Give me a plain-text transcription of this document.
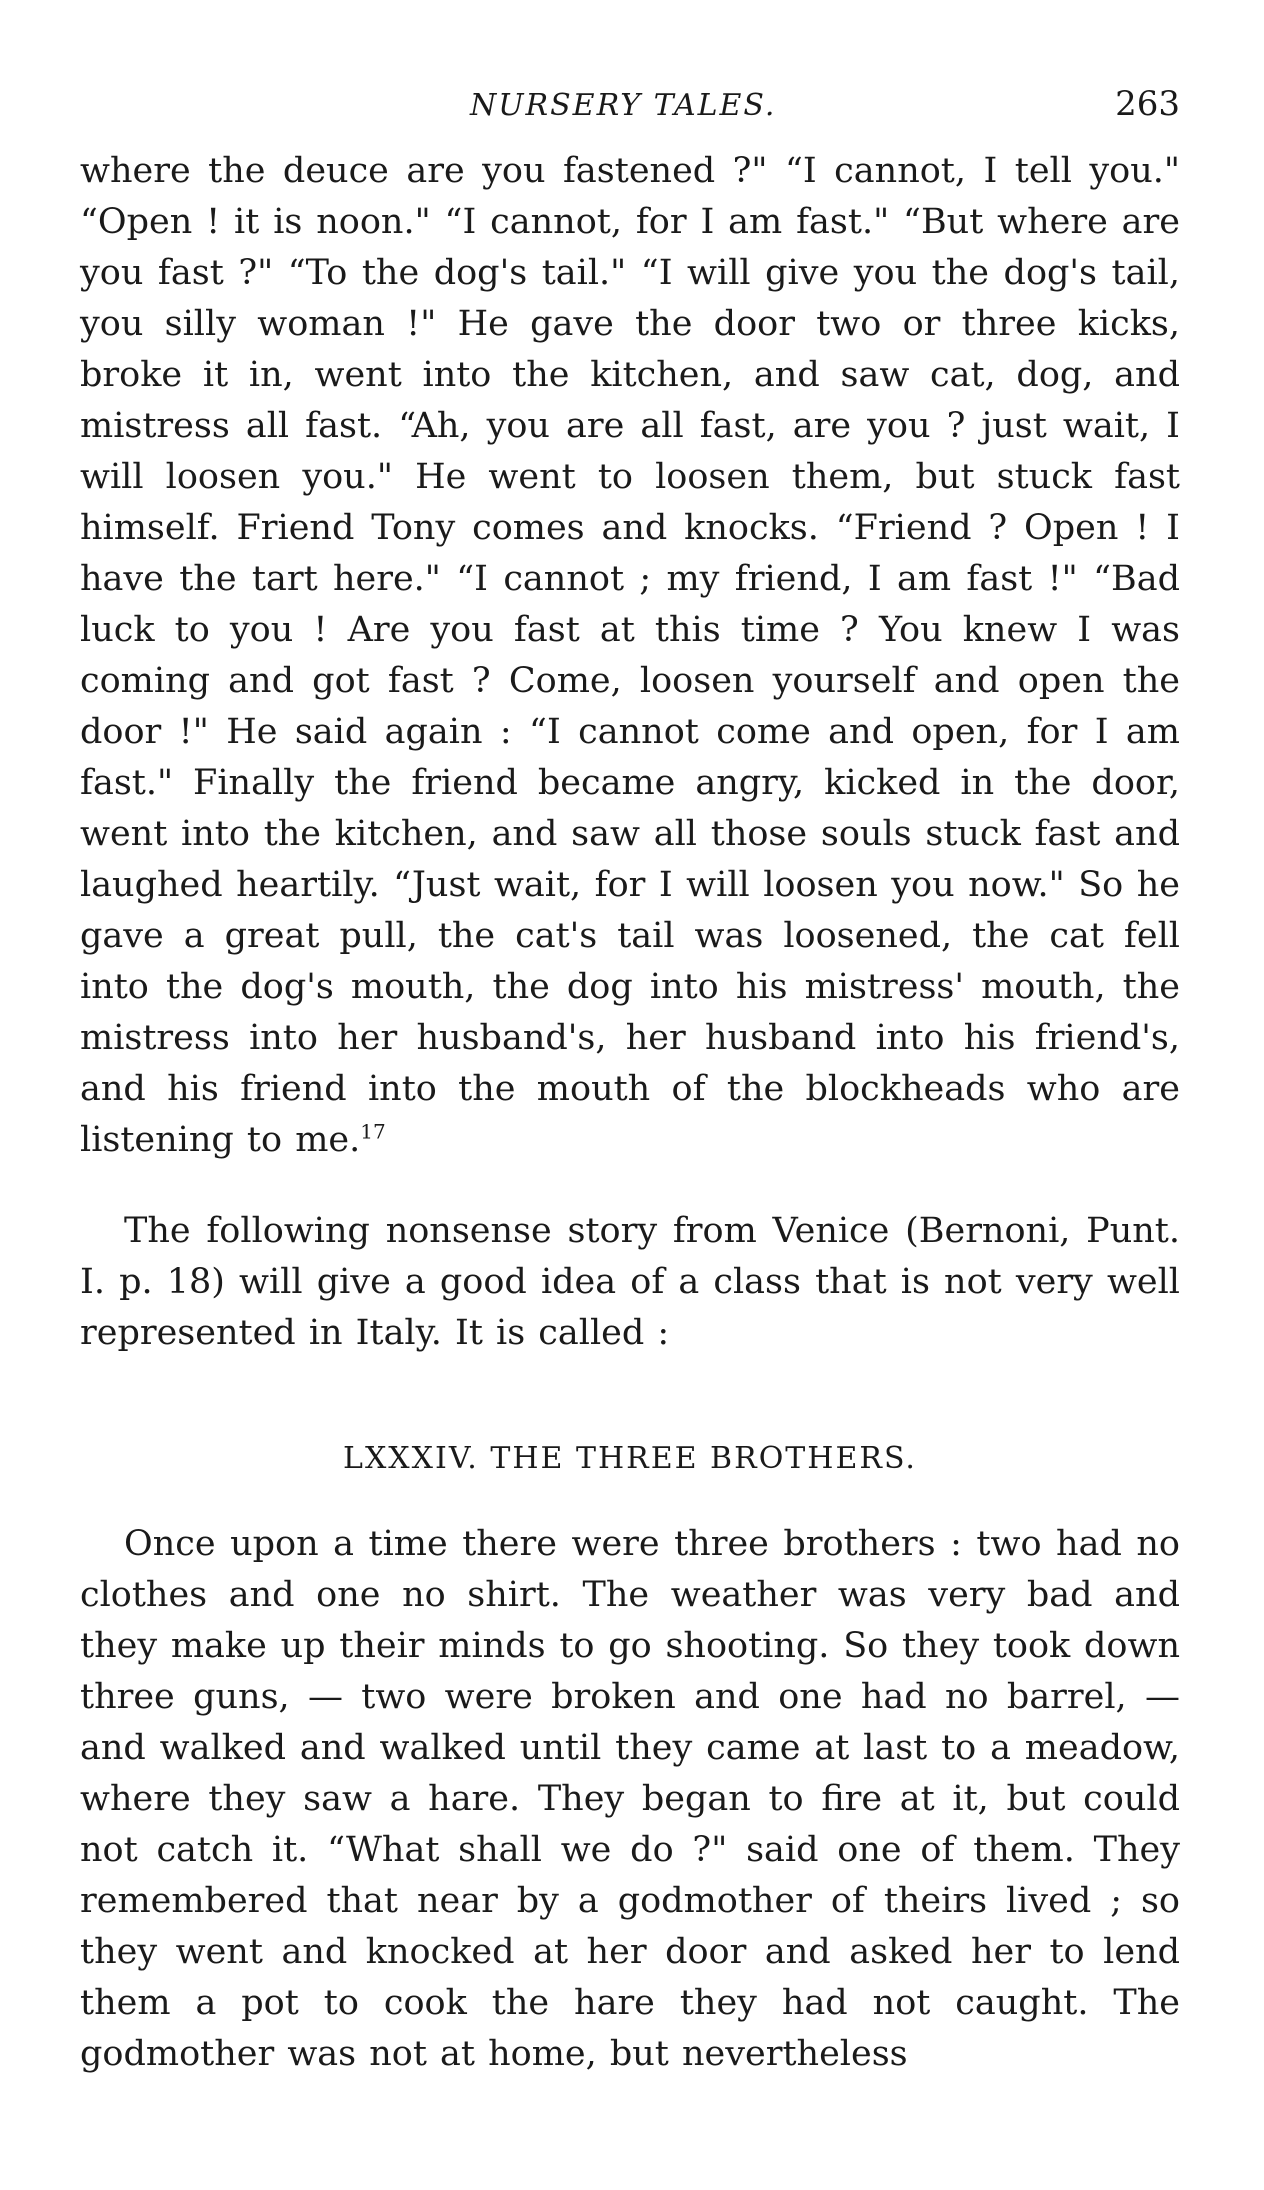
NURSERY TALES.	263

where the deuce are you fastened ?" “I cannot, I tell you." “Open ! it is noon." “I cannot, for I am fast." “But where are you fast ?" “To the dog's tail." “I will give you the dog's tail, you silly woman !" He gave the door two or three kicks, broke it in, went into the kitchen, and saw cat, dog, and mistress all fast. “Ah, you are all fast, are you ? just wait, I will loosen you." He went to loosen them, but stuck fast himself. Friend Tony comes and knocks. “Friend ? Open ! I have the tart here." “I cannot ; my friend, I am fast !" “Bad luck to you ! Are you fast at this time ? You knew I was coming and got fast ? Come, loosen yourself and open the door !" He said again : “I cannot come and open, for I am fast." Finally the friend became angry, kicked in the door, went into the kitchen, and saw all those souls stuck fast and laughed heartily. “Just wait, for I will loosen you now." So he gave a great pull, the cat's tail was loosened, the cat fell into the dog's mouth, the dog into his mistress' mouth, the mistress into her husband's, her husband into his friend's, and his friend into the mouth of the blockheads who are listening to me.$^{17}$

The following nonsense story from Venice (Bernoni, Punt. I. p. 18) will give a good idea of a class that is not very well represented in Italy. It is called :

LXXXIV. THE THREE BROTHERS.

Once upon a time there were three brothers : two had no clothes and one no shirt. The weather was very bad and they make up their minds to go shooting. So they took down three guns, — two were broken and one had no barrel, — and walked and walked until they came at last to a meadow, where they saw a hare. They began to fire at it, but could not catch it. “What shall we do ?" said one of them. They remembered that near by a godmother of theirs lived ; so they went and knocked at her door and asked her to lend them a pot to cook the hare they had not caught. The godmother was not at home, but nevertheless
